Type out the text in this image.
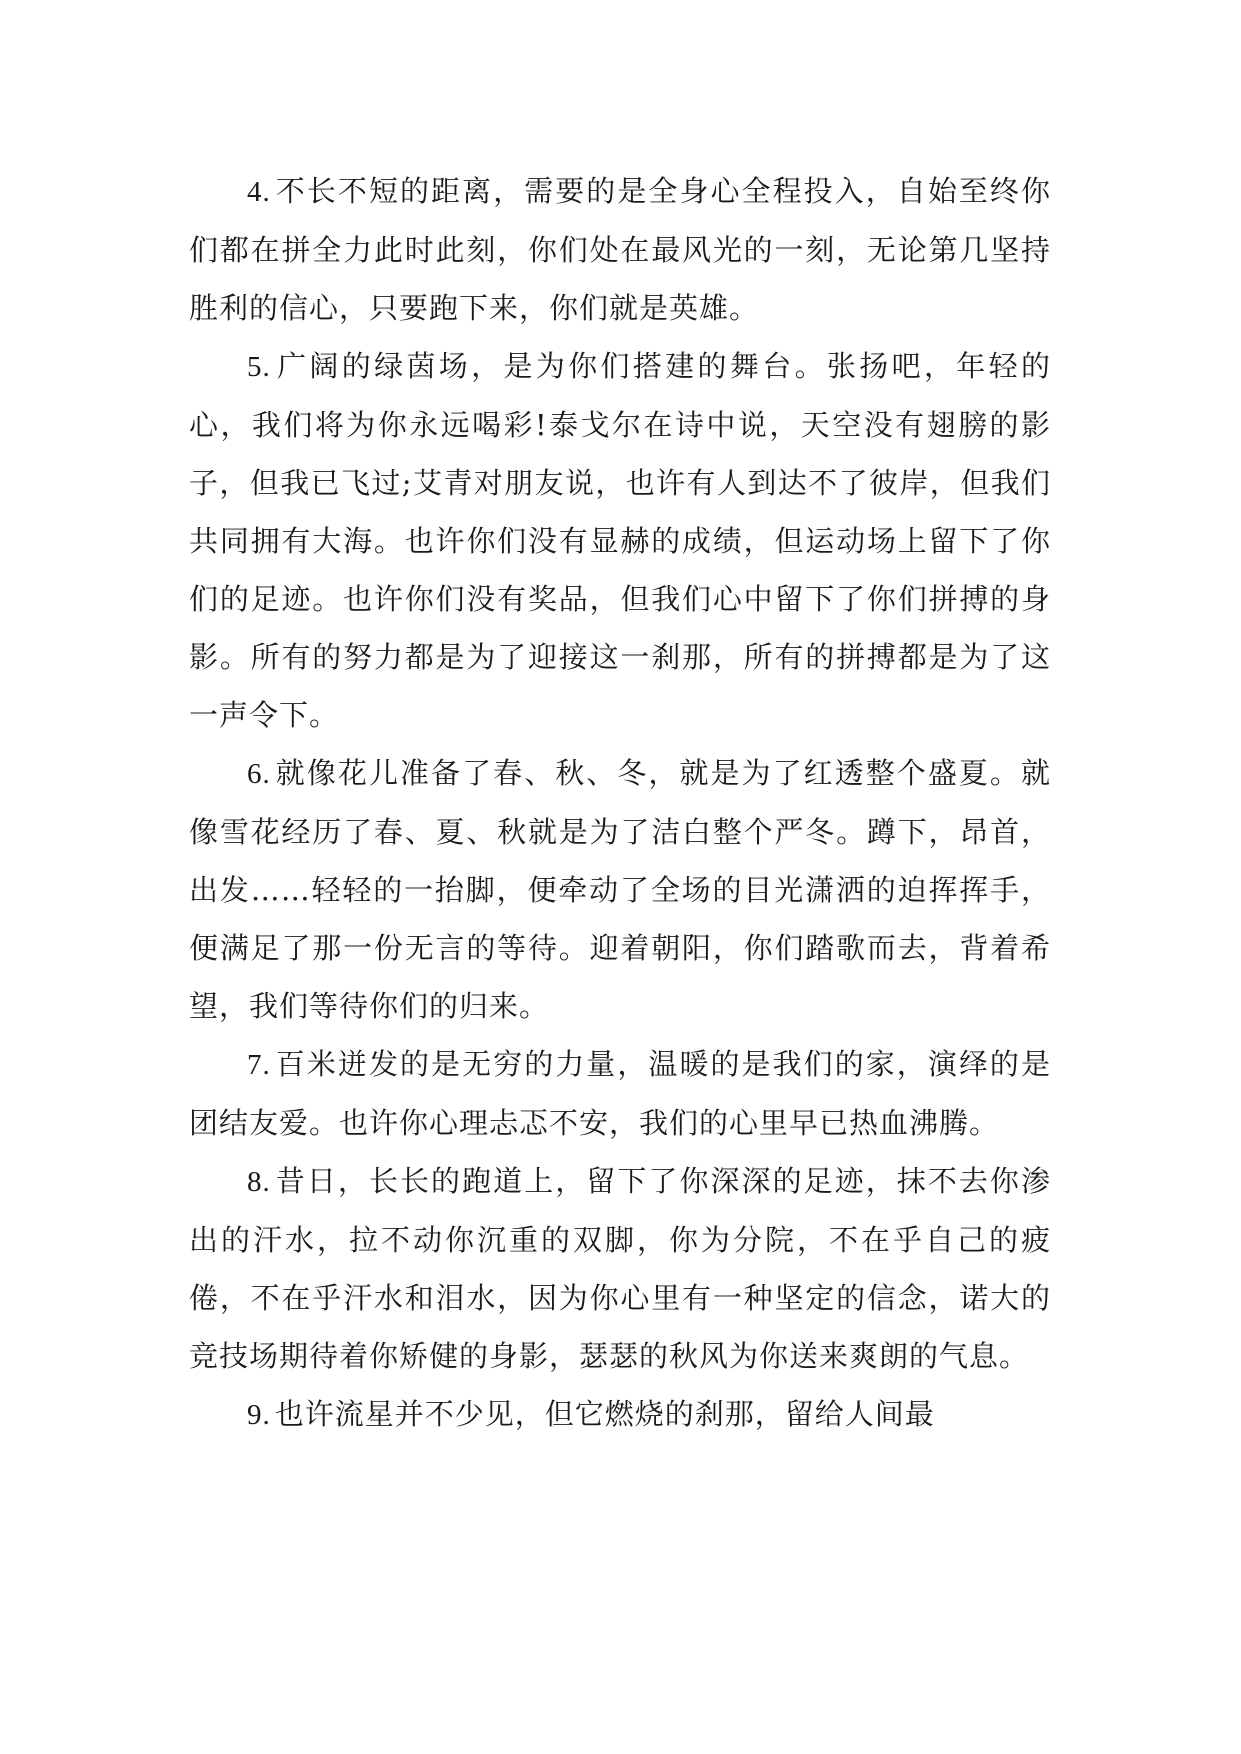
4. 不长不短的距离，需要的是全身心全程投入，自始至终你们都在拼全力此时此刻，你们处在最风光的一刻，无论第几坚持胜利的信心，只要跑下来，你们就是英雄。

5. 广阔的绿茵场，是为你们搭建的舞台。张扬吧，年轻的心，我们将为你永远喝彩!泰戈尔在诗中说，天空没有翅膀的影子，但我已飞过;艾青对朋友说，也许有人到达不了彼岸，但我们共同拥有大海。也许你们没有显赫的成绩，但运动场上留下了你们的足迹。也许你们没有奖品，但我们心中留下了你们拼搏的身影。所有的努力都是为了迎接这一刹那，所有的拼搏都是为了这一声令下。

6. 就像花儿准备了春、秋、冬，就是为了红透整个盛夏。就像雪花经历了春、夏、秋就是为了洁白整个严冬。蹲下，昂首，出发……轻轻的一抬脚，便牵动了全场的目光潇洒的迫挥挥手，便满足了那一份无言的等待。迎着朝阳，你们踏歌而去，背着希望，我们等待你们的归来。

7. 百米迸发的是无穷的力量，温暖的是我们的家，演绎的是团结友爱。也许你心理忐忑不安，我们的心里早已热血沸腾。

8. 昔日，长长的跑道上，留下了你深深的足迹，抹不去你渗出的汗水，拉不动你沉重的双脚，你为分院，不在乎自己的疲倦，不在乎汗水和泪水，因为你心里有一种坚定的信念，诺大的竞技场期待着你矫健的身影，瑟瑟的秋风为你送来爽朗的气息。

9. 也许流星并不少见，但它燃烧的刹那，留给人间最
